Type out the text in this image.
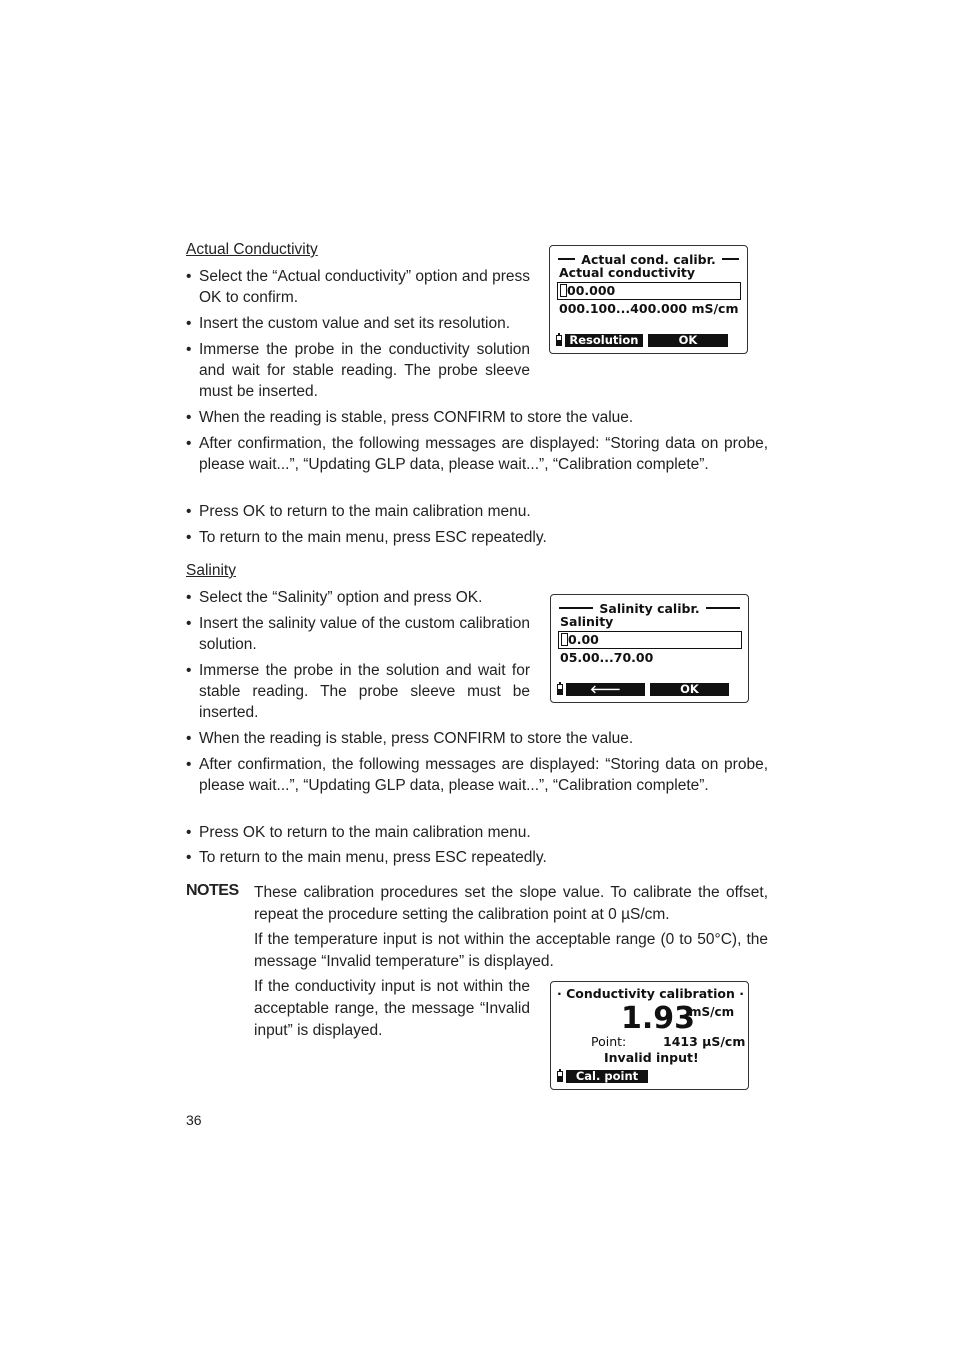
Actual Conductivity
• Select the “Actual conductivity” option and press OK to confirm.
• Insert the custom value and set its resolution.
• Immerse the probe in the conductivity solution and wait for stable reading. The probe sleeve must be inserted.
• When the reading is stable, press CONFIRM to store the value.
• After confirmation, the following messages are displayed: “Storing data on probe, please wait...”, “Updating GLP data, please wait...”, “Calibration complete”.
• Press OK to return to the main calibration menu.
• To return to the main menu, press ESC repeatedly.
Actual cond. calibr.
Actual conductivity
00.000
000.100...400.000 mS/cm
Resolution	OK
Salinity
• Select the “Salinity” option and press OK.
• Insert the salinity value of the custom calibration solution.
• Immerse the probe in the solution and wait for stable reading. The probe sleeve must be inserted.
• When the reading is stable, press CONFIRM to store the value.
• After confirmation, the following messages are displayed: “Storing data on probe, please wait...”, “Updating GLP data, please wait...”, “Calibration complete”.
• Press OK to return to the main calibration menu.
• To return to the main menu, press ESC repeatedly.
Salinity calibr.
Salinity
0.00
05.00...70.00
🡐	OK
NOTES These calibration procedures set the slope value. To calibrate the offset, repeat the procedure setting the calibration point at 0 µS/cm.
If the temperature input is not within the acceptable range (0 to 50°C), the message “Invalid temperature” is displayed.
If the conductivity input is not within the acceptable range, the message “Invalid input” is displayed.
· Conductivity calibration ·
1.93
mS/cm
Point:	1413 µS/cm
Invalid input!
Cal. point
36
